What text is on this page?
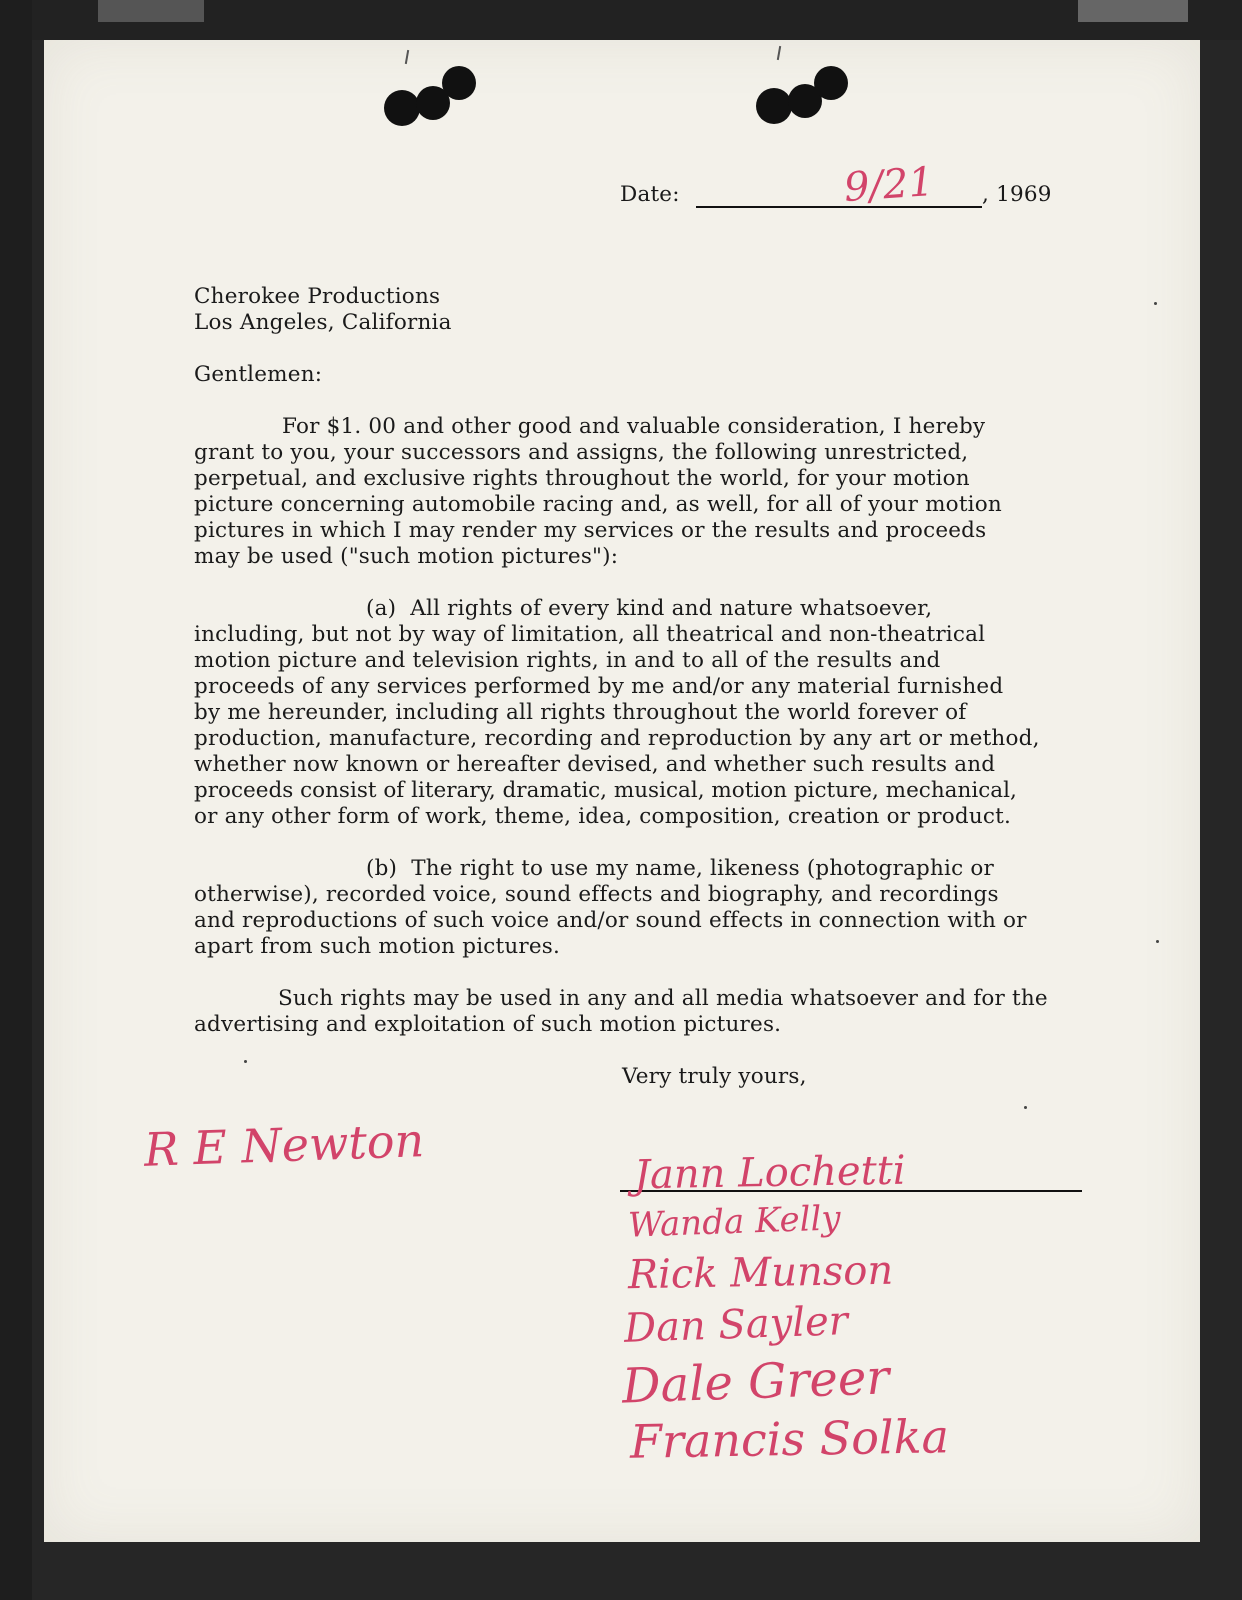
Date:	9/21 , 1969
Cherokee Productions
Los Angeles, California
Gentlemen:
For $1. 00 and other good and valuable consideration, I hereby
grant to you, your successors and assigns, the following unrestricted,
perpetual, and exclusive rights throughout the world, for your motion
picture concerning automobile racing and, as well, for all of your motion
pictures in which I may render my services or the results and proceeds
may be used ("such motion pictures"):
(a)  All rights of every kind and nature whatsoever,
including, but not by way of limitation, all theatrical and non-theatrical
motion picture and television rights, in and to all of the results and
proceeds of any services performed by me and/or any material furnished
by me hereunder, including all rights throughout the world forever of
production, manufacture, recording and reproduction by any art or method,
whether now known or hereafter devised, and whether such results and
proceeds consist of literary, dramatic, musical, motion picture, mechanical,
or any other form of work, theme, idea, composition, creation or product.
(b)  The right to use my name, likeness (photographic or
otherwise), recorded voice, sound effects and biography, and recordings
and reproductions of such voice and/or sound effects in connection with or
apart from such motion pictures.
Such rights may be used in any and all media whatsoever and for the
advertising and exploitation of such motion pictures.
Very truly yours,
R E Newton	Jann Lochetti
Wanda Kelly
Rick Munson
Dan Sayler
Dale Greer
Francis Solka
